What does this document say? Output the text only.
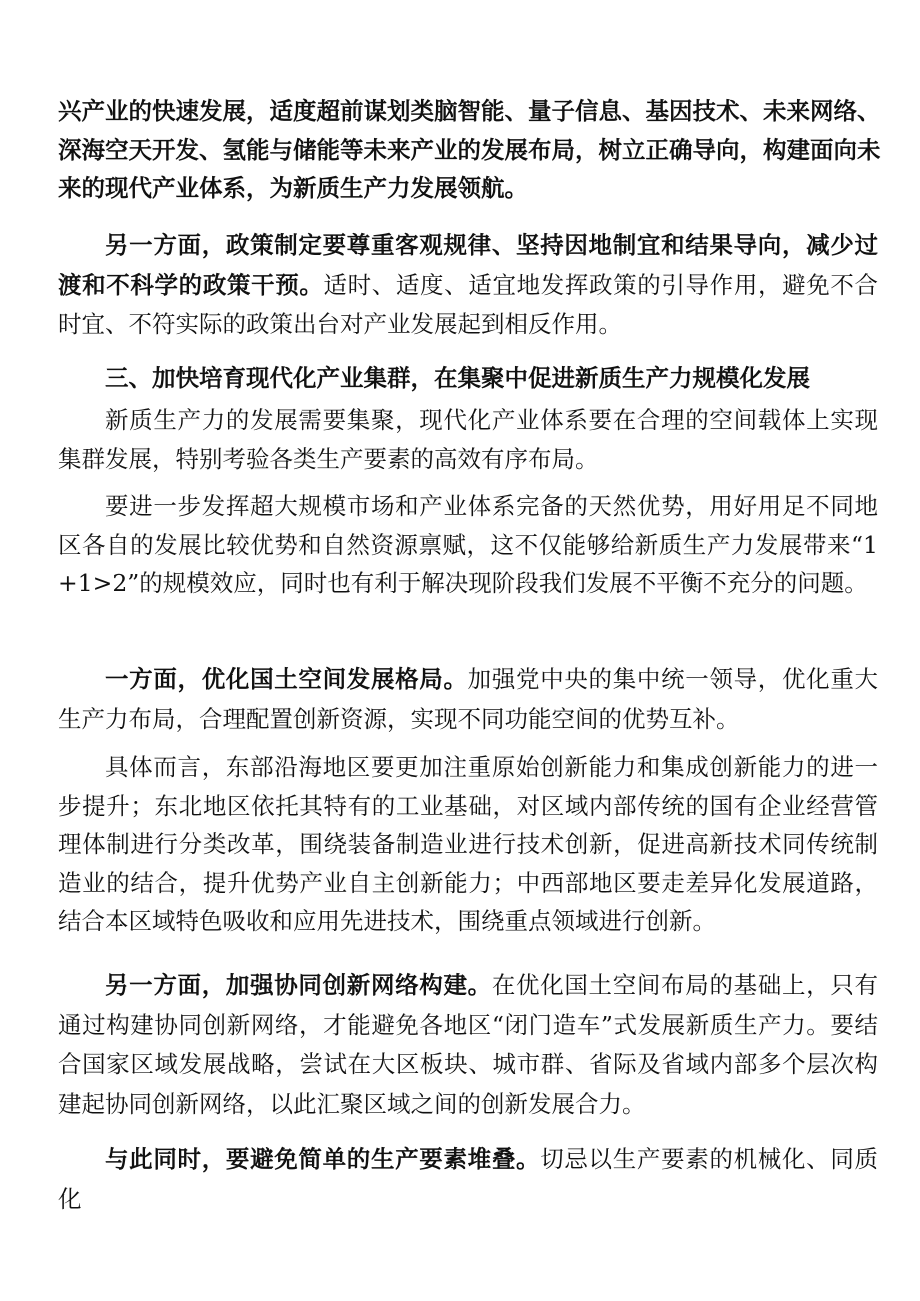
兴产业的快速发展，适度超前谋划类脑智能、量子信息、基因技术、未来网络、
深海空天开发、氢能与储能等未来产业的发展布局，树立正确导向，构建面向未
来的现代产业体系，为新质生产力发展领航。

另一方面，政策制定要尊重客观规律、坚持因地制宜和结果导向，减少过渡和不科学的政策干预。适时、适度、适宜地发挥政策的引导作用，避免不合时宜、不符实际的政策出台对产业发展起到相反作用。

三、加快培育现代化产业集群，在集聚中促进新质生产力规模化发展

新质生产力的发展需要集聚，现代化产业体系要在合理的空间载体上实现集群发展，特别考验各类生产要素的高效有序布局。

要进一步发挥超大规模市场和产业体系完备的天然优势，用好用足不同地区各自的发展比较优势和自然资源禀赋，这不仅能够给新质生产力发展带来“1+1>2”的规模效应，同时也有利于解决现阶段我们发展不平衡不充分的问题。

一方面，优化国土空间发展格局。加强党中央的集中统一领导，优化重大生产力布局，合理配置创新资源，实现不同功能空间的优势互补。

具体而言，东部沿海地区要更加注重原始创新能力和集成创新能力的进一步提升；东北地区依托其特有的工业基础，对区域内部传统的国有企业经营管理体制进行分类改革，围绕装备制造业进行技术创新，促进高新技术同传统制造业的结合，提升优势产业自主创新能力；中西部地区要走差异化发展道路，结合本区域特色吸收和应用先进技术，围绕重点领域进行创新。

另一方面，加强协同创新网络构建。在优化国土空间布局的基础上，只有通过构建协同创新网络，才能避免各地区“闭门造车”式发展新质生产力。要结合国家区域发展战略，尝试在大区板块、城市群、省际及省域内部多个层次构建起协同创新网络，以此汇聚区域之间的创新发展合力。

与此同时，要避免简单的生产要素堆叠。切忌以生产要素的机械化、同质化
